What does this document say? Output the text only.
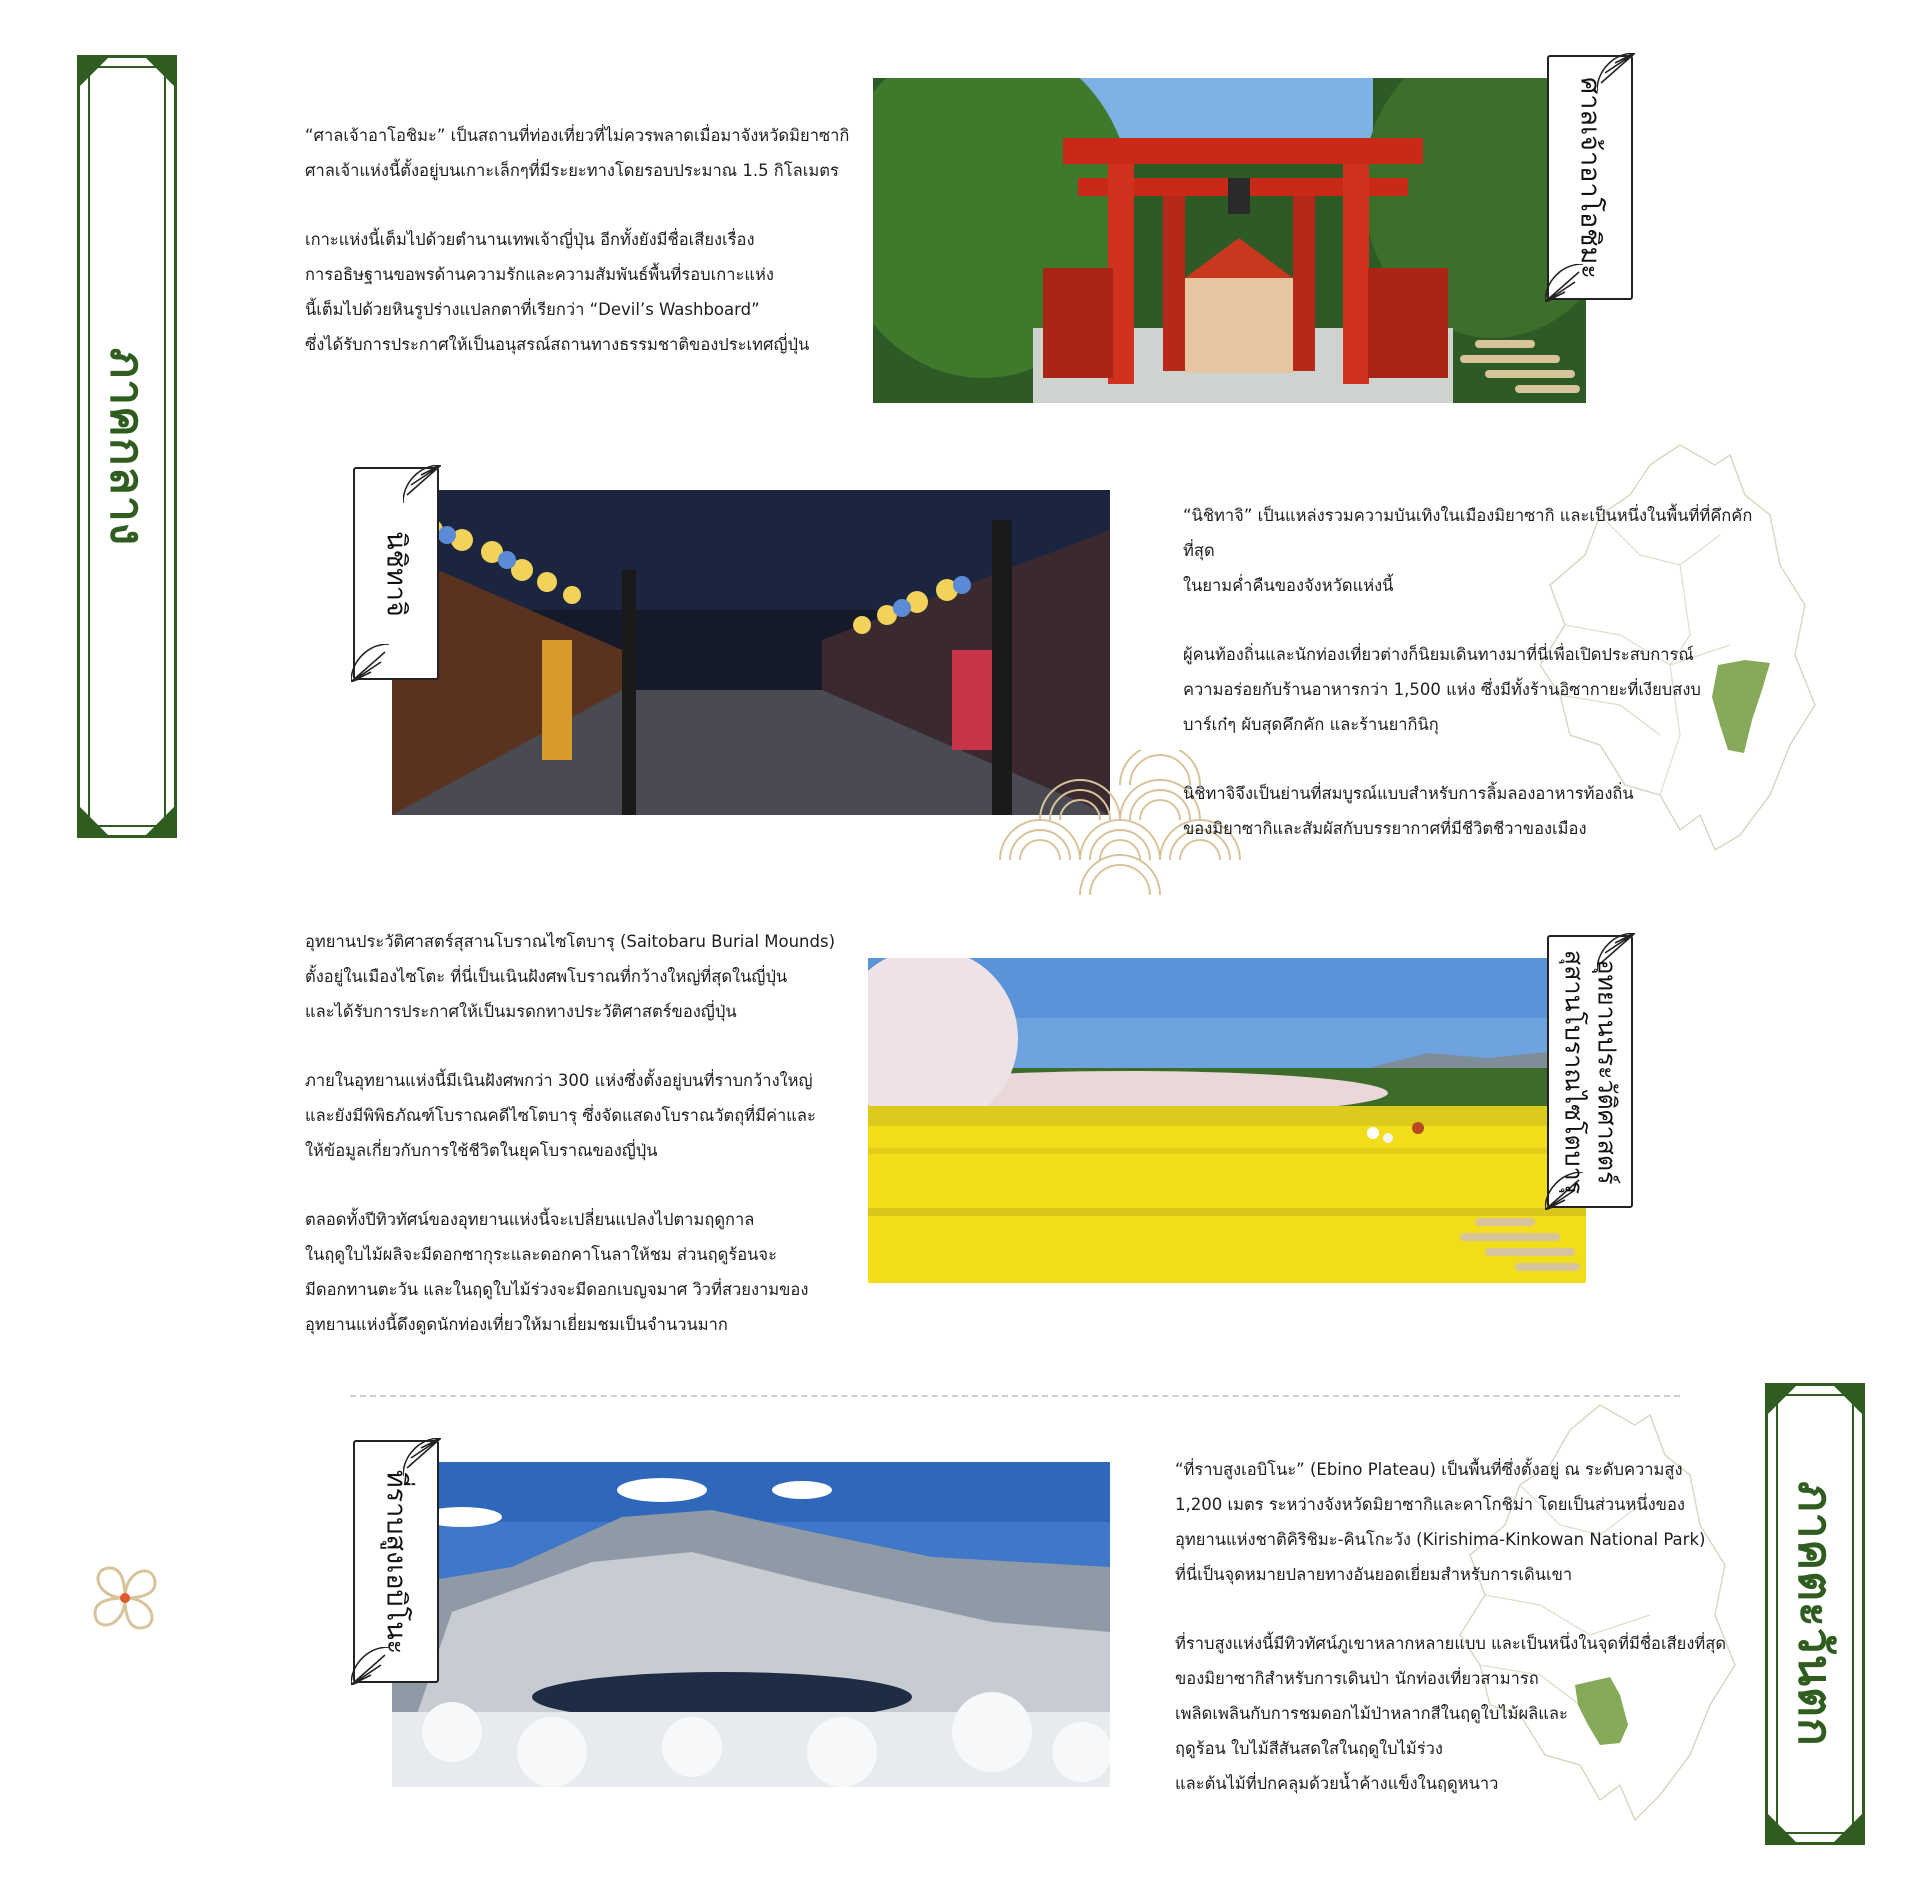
ภาคกลาง
ภาคตะวันตก

“ศาลเจ้าอาโอชิมะ” เป็นสถานที่ท่องเที่ยวที่ไม่ควรพลาดเมื่อมาจังหวัดมิยาซากิ
ศาลเจ้าแห่งนี้ตั้งอยู่บนเกาะเล็กๆที่มีระยะทางโดยรอบประมาณ 1.5 กิโลเมตร

เกาะแห่งนี้เต็มไปด้วยตำนานเทพเจ้าญี่ปุ่น อีกทั้งยังมีชื่อเสียงเรื่อง
การอธิษฐานขอพรด้านความรักและความสัมพันธ์พื้นที่รอบเกาะแห่ง
นี้เต็มไปด้วยหินรูปร่างแปลกตาที่เรียกว่า “Devil’s Washboard”
ซึ่งได้รับการประกาศให้เป็นอนุสรณ์สถานทางธรรมชาติของประเทศญี่ปุ่น

ศาลเจ้าอาโอชิมะ
นิชิทาจิ

“นิชิทาจิ” เป็นแหล่งรวมความบันเทิงในเมืองมิยาซากิ และเป็นหนึ่งในพื้นที่ที่คึกคักที่สุด
ในยามค่ำคืนของจังหวัดแห่งนี้

ผู้คนท้องถิ่นและนักท่องเที่ยวต่างก็นิยมเดินทางมาที่นี่เพื่อเปิดประสบการณ์
ความอร่อยกับร้านอาหารกว่า 1,500 แห่ง ซึ่งมีทั้งร้านอิซากายะที่เงียบสงบ
บาร์เก๋ๆ ผับสุดคึกคัก และร้านยากินิกุ

นิชิทาจิจึงเป็นย่านที่สมบูรณ์แบบสำหรับการลิ้มลองอาหารท้องถิ่น
ของมิยาซากิและสัมผัสกับบรรยากาศที่มีชีวิตชีวาของเมือง

อุทยานประวัติศาสตร์สุสานโบราณไซโตบารุ (Saitobaru Burial Mounds)
ตั้งอยู่ในเมืองไซโตะ ที่นี่เป็นเนินฝังศพโบราณที่กว้างใหญ่ที่สุดในญี่ปุ่น
และได้รับการประกาศให้เป็นมรดกทางประวัติศาสตร์ของญี่ปุ่น

ภายในอุทยานแห่งนี้มีเนินฝังศพกว่า 300 แห่งซึ่งตั้งอยู่บนที่ราบกว้างใหญ่
และยังมีพิพิธภัณฑ์โบราณคดีไซโตบารุ ซึ่งจัดแสดงโบราณวัตถุที่มีค่าและ
ให้ข้อมูลเกี่ยวกับการใช้ชีวิตในยุคโบราณของญี่ปุ่น

ตลอดทั้งปีทิวทัศน์ของอุทยานแห่งนี้จะเปลี่ยนแปลงไปตามฤดูกาล
ในฤดูใบไม้ผลิจะมีดอกซากุระและดอกคาโนลาให้ชม ส่วนฤดูร้อนจะ
มีดอกทานตะวัน และในฤดูใบไม้ร่วงจะมีดอกเบญจมาศ วิวที่สวยงามของ
อุทยานแห่งนี้ดึงดูดนักท่องเที่ยวให้มาเยี่ยมชมเป็นจำนวนมาก

อุทยานประวัติศาสตร์
สุสานโบราณไซโตบารุ
ที่ราบสูงเอบิโนะ	“ที่ราบสูงเอบิโนะ” (Ebino Plateau) เป็นพื้นที่ซึ่งตั้งอยู่ ณ ระดับความสูง
1,200 เมตร ระหว่างจังหวัดมิยาซากิและคาโกชิม่า โดยเป็นส่วนหนึ่งของ
อุทยานแห่งชาติคิริชิมะ-คินโกะวัง (Kirishima-Kinkowan National Park)
ที่นี่เป็นจุดหมายปลายทางอันยอดเยี่ยมสำหรับการเดินเขา

ที่ราบสูงแห่งนี้มีทิวทัศน์ภูเขาหลากหลายแบบ และเป็นหนึ่งในจุดที่มีชื่อเสียงที่สุด
ของมิยาซากิสำหรับการเดินป่า นักท่องเที่ยวสามารถ
เพลิดเพลินกับการชมดอกไม้ป่าหลากสีในฤดูใบไม้ผลิและ
ฤดูร้อน ใบไม้สีสันสดใสในฤดูใบไม้ร่วง
และต้นไม้ที่ปกคลุมด้วยน้ำค้างแข็งในฤดูหนาว
